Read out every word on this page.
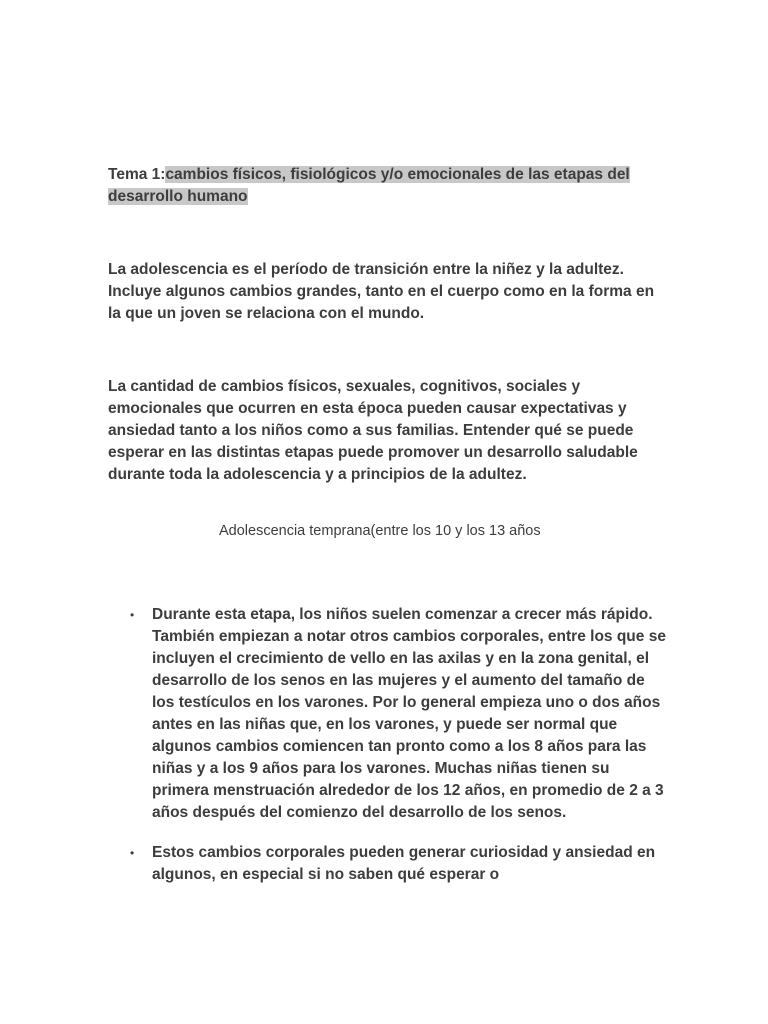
Tema 1:cambios físicos, fisiológicos y/o emocionales de las etapas del desarrollo humano

La adolescencia es el período de transición entre la niñez y la adultez. Incluye algunos cambios grandes, tanto en el cuerpo como en la forma en la que un joven se relaciona con el mundo.

La cantidad de cambios físicos, sexuales, cognitivos, sociales y emocionales que ocurren en esta época pueden causar expectativas y ansiedad tanto a los niños como a sus familias. Entender qué se puede esperar en las distintas etapas puede promover un desarrollo saludable durante toda la adolescencia y a principios de la adultez.

Adolescencia temprana(entre los 10 y los 13 años
• Durante esta etapa, los niños suelen comenzar a crecer más rápido. También empiezan a notar otros cambios corporales, entre los que se incluyen el crecimiento de vello en las axilas y en la zona genital, el desarrollo de los senos en las mujeres y el aumento del tamaño de los testículos en los varones. Por lo general empieza uno o dos años antes en las niñas que, en los varones, y puede ser normal que algunos cambios comiencen tan pronto como a los 8 años para las niñas y a los 9 años para los varones. Muchas niñas tienen su primera menstruación alrededor de los 12 años, en promedio de 2 a 3 años después del comienzo del desarrollo de los senos.
• Estos cambios corporales pueden generar curiosidad y ansiedad en algunos, en especial si no saben qué esperar o
